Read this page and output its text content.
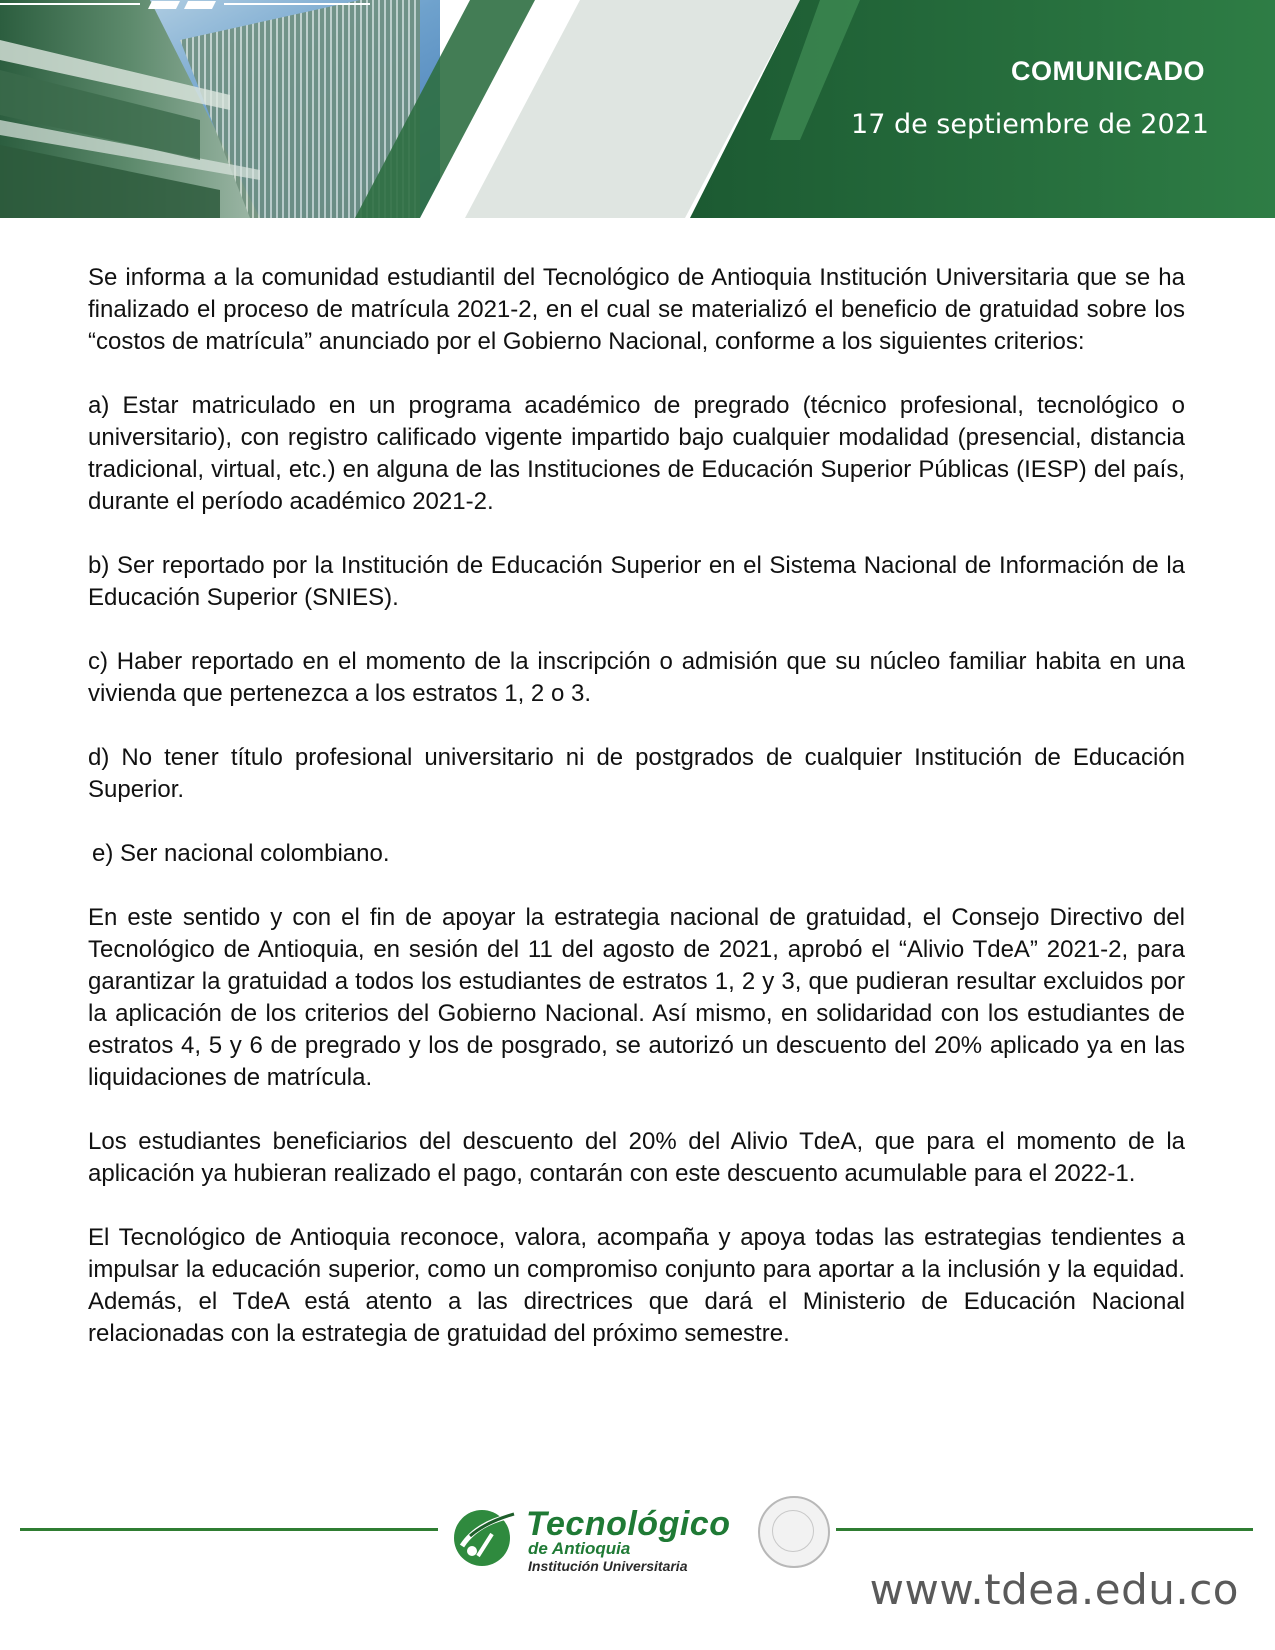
COMUNICADO
17 de septiembre de 2021

Se informa a la comunidad estudiantil del Tecnológico de Antioquia Institución Universitaria que se ha finalizado el proceso de matrícula 2021-2, en el cual se materializó el beneficio de gratuidad sobre los “costos de matrícula” anunciado por el Gobierno Nacional, conforme a los siguientes criterios:

a) Estar matriculado en un programa académico de pregrado (técnico profesional, tecnológico o universitario), con registro calificado vigente impartido bajo cualquier modalidad (presencial, distancia tradicional, virtual, etc.) en alguna de las Instituciones de Educación Superior Públicas (IESP) del país, durante el período académico 2021-2.

b) Ser reportado por la Institución de Educación Superior en el Sistema Nacional de Información de la Educación Superior (SNIES).

c) Haber reportado en el momento de la inscripción o admisión que su núcleo familiar habita en una vivienda que pertenezca a los estratos 1, 2 o 3.

d) No tener título profesional universitario ni de postgrados de cualquier Institución de Educación Superior.

e) Ser nacional colombiano.

En este sentido y con el fin de apoyar la estrategia nacional de gratuidad, el Consejo Directivo del Tecnológico de Antioquia, en sesión del 11 del agosto de 2021, aprobó el “Alivio TdeA” 2021-2, para garantizar la gratuidad a todos los estudiantes de estratos 1, 2 y 3, que pudieran resultar excluidos por la aplicación de los criterios del Gobierno Nacional. Así mismo, en solidaridad con los estudiantes de estratos 4, 5 y 6 de pregrado y los de posgrado, se autorizó un descuento del 20% aplicado ya en las liquidaciones de matrícula.

Los estudiantes beneficiarios del descuento del 20% del Alivio TdeA, que para el momento de la aplicación ya hubieran realizado el pago, contarán con este descuento acumulable para el 2022-1.

El Tecnológico de Antioquia reconoce, valora, acompaña y apoya todas las estrategias tendientes a impulsar la educación superior, como un compromiso conjunto para aportar a la inclusión y la equidad. Además, el TdeA está atento a las directrices que dará el Ministerio de Educación Nacional relacionadas con la estrategia de gratuidad del próximo semestre.

Tecnológico
de Antioquia
Institución Universitaria	www.tdea.edu.co
